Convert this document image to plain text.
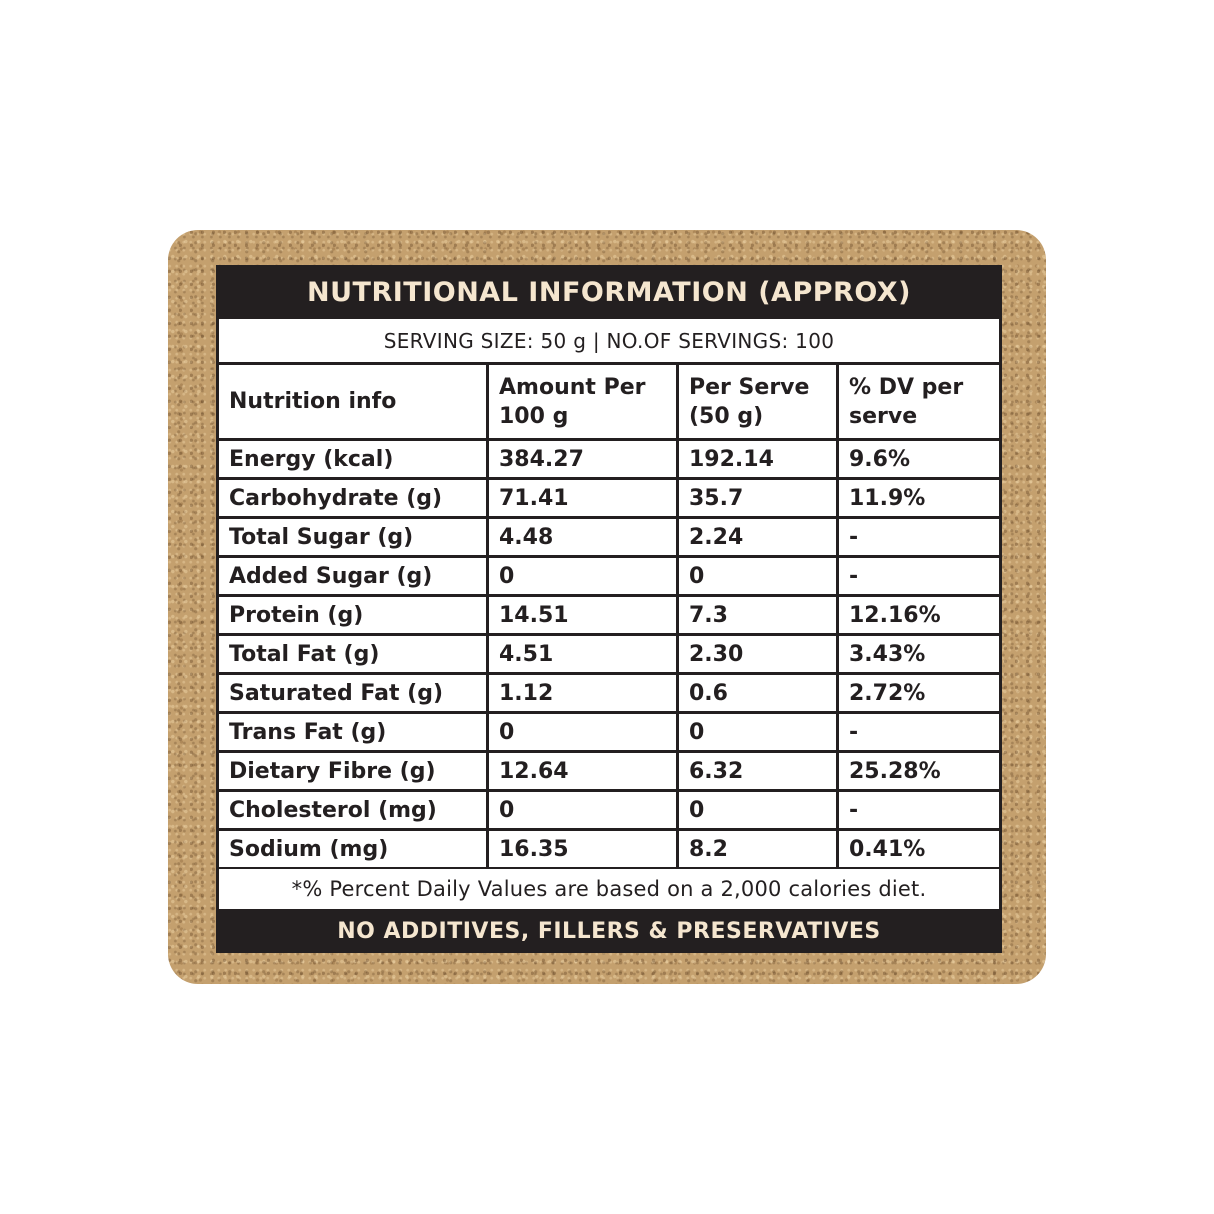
NUTRITIONAL INFORMATION (APPROX)
SERVING SIZE: 50 g | NO.OF SERVINGS: 100
Nutrition info	Amount Per 100 g	Per Serve (50 g)	% DV per serve
Energy (kcal)	384.27	192.14	9.6%
Carbohydrate (g)	71.41	35.7	11.9%
Total Sugar (g)	4.48	2.24	-
Added Sugar (g)	0	0	-
Protein (g)	14.51	7.3	12.16%
Total Fat (g)	4.51	2.30	3.43%
Saturated Fat (g)	1.12	0.6	2.72%
Trans Fat (g)	0	0	-
Dietary Fibre (g)	12.64	6.32	25.28%
Cholesterol (mg)	0	0	-
Sodium (mg)	16.35	8.2	0.41%
*% Percent Daily Values are based on a 2,000 calories diet.
NO ADDITIVES, FILLERS & PRESERVATIVES
